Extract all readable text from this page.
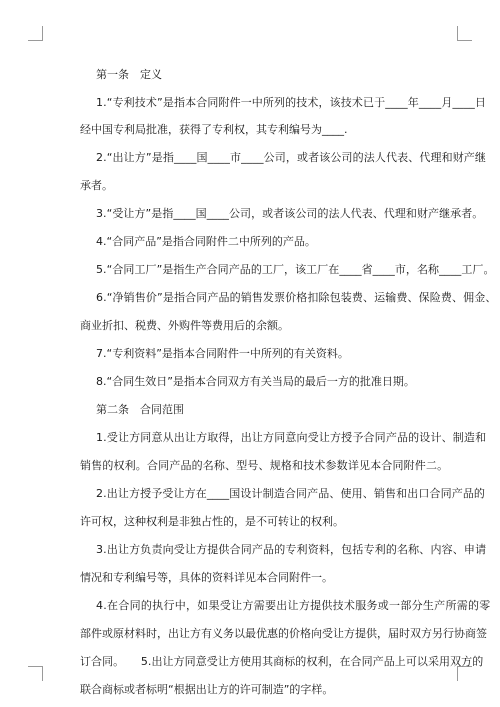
第一条　定义
1.“专利技术”是指本合同附件一中所列的技术，该技术已于____年____月____日
经中国专利局批准，获得了专利权，其专利编号为____.
2.“出让方”是指____国____市____公司，或者该公司的法人代表、代理和财产继
承者。
3.“受让方”是指____国____公司，或者该公司的法人代表、代理和财产继承者。
4.“合同产品”是指合同附件二中所列的产品。
5.“合同工厂”是指生产合同产品的工厂，该工厂在____省____市，名称____工厂。
6.“净销售价”是指合同产品的销售发票价格扣除包装费、运输费、保险费、佣金、
商业折扣、税费、外购件等费用后的余额。
7.“专利资料”是指本合同附件一中所列的有关资料。
8.“合同生效日”是指本合同双方有关当局的最后一方的批准日期。
第二条　合同范围
1.受让方同意从出让方取得，出让方同意向受让方授予合同产品的设计、制造和
销售的权利。合同产品的名称、型号、规格和技术参数详见本合同附件二。
2.出让方授予受让方在____国设计制造合同产品、使用、销售和出口合同产品的
许可权，这种权利是非独占性的，是不可转让的权利。
3.出让方负责向受让方提供合同产品的专利资料，包括专利的名称、内容、申请
情况和专利编号等，具体的资料详见本合同附件一。
4.在合同的执行中，如果受让方需要出让方提供技术服务或一部分生产所需的零
部件或原材料时，出让方有义务以最优惠的价格向受让方提供，届时双方另行协商签
订合同。　　5.出让方同意受让方使用其商标的权利，在合同产品上可以采用双方的
联合商标或者标明“根据出让方的许可制造”的字样。
